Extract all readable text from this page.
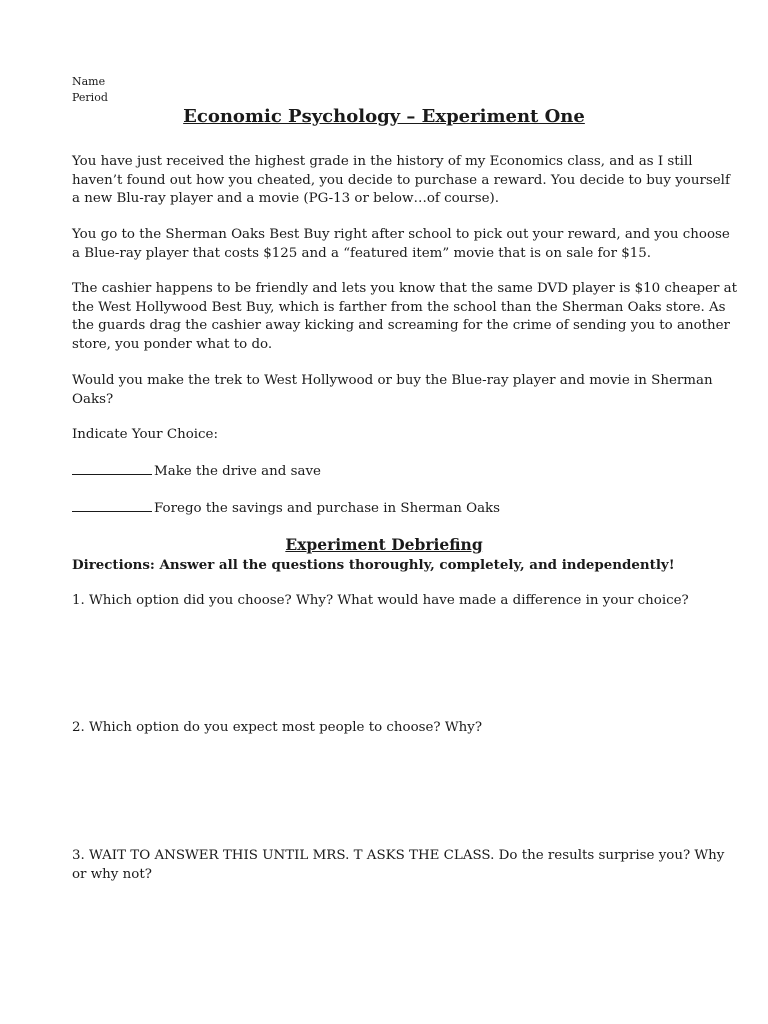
Name
Period
Economic Psychology – Experiment One
You have just received the highest grade in the history of my Economics class, and as I still
haven’t found out how you cheated, you decide to purchase a reward. You decide to buy yourself
a new Blu-ray player and a movie (PG-13 or below…of course).
You go to the Sherman Oaks Best Buy right after school to pick out your reward, and you choose
a Blue-ray player that costs $125 and a “featured item” movie that is on sale for $15.
The cashier happens to be friendly and lets you know that the same DVD player is $10 cheaper at
the West Hollywood Best Buy, which is farther from the school than the Sherman Oaks store. As
the guards drag the cashier away kicking and screaming for the crime of sending you to another
store, you ponder what to do.
Would you make the trek to West Hollywood or buy the Blue-ray player and movie in Sherman
Oaks?
Indicate Your Choice:
Make the drive and save
Forego the savings and purchase in Sherman Oaks
Experiment Debriefing
Directions: Answer all the questions thoroughly, completely, and independently!
1. Which option did you choose? Why? What would have made a difference in your choice?
2. Which option do you expect most people to choose? Why?
3. WAIT TO ANSWER THIS UNTIL MRS. T ASKS THE CLASS. Do the results surprise you? Why
or why not?
